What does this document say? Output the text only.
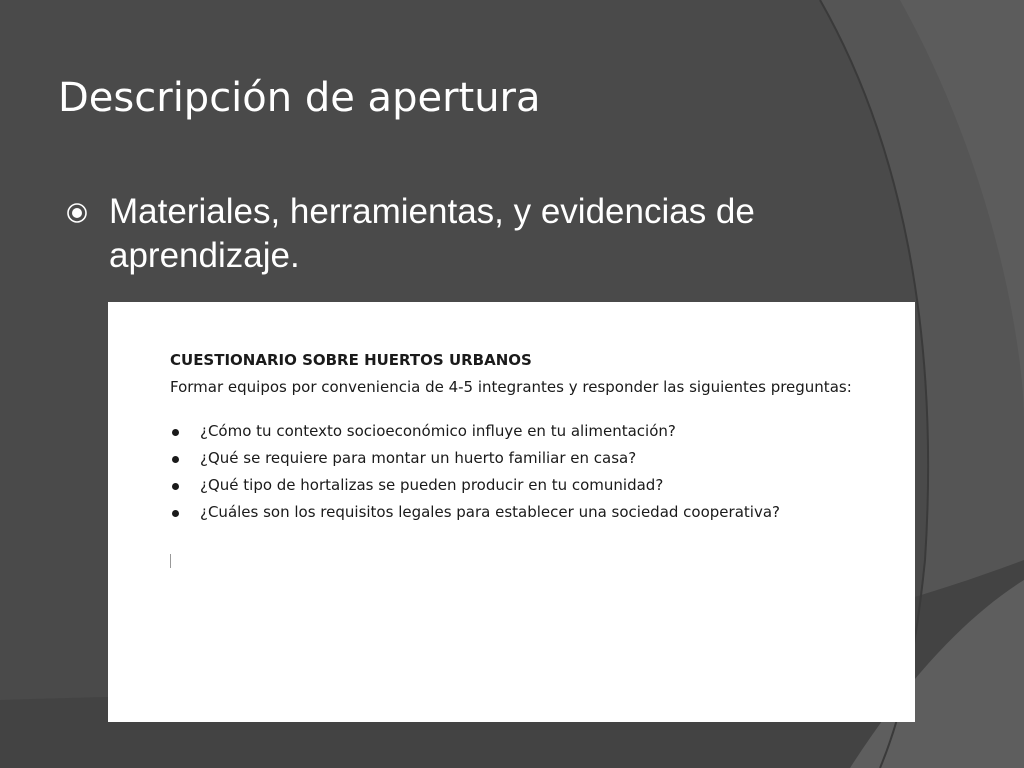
Descripción de apertura

Materiales, herramientas, y evidencias de aprendizaje.

CUESTIONARIO SOBRE HUERTOS URBANOS

Formar equipos por conveniencia de 4-5 integrantes y responder las siguientes preguntas:

¿Cómo tu contexto socioeconómico influye en tu alimentación?
¿Qué se requiere para montar un huerto familiar en casa?
¿Qué tipo de hortalizas se pueden producir en tu comunidad?
¿Cuáles son los requisitos legales para establecer una sociedad cooperativa?
